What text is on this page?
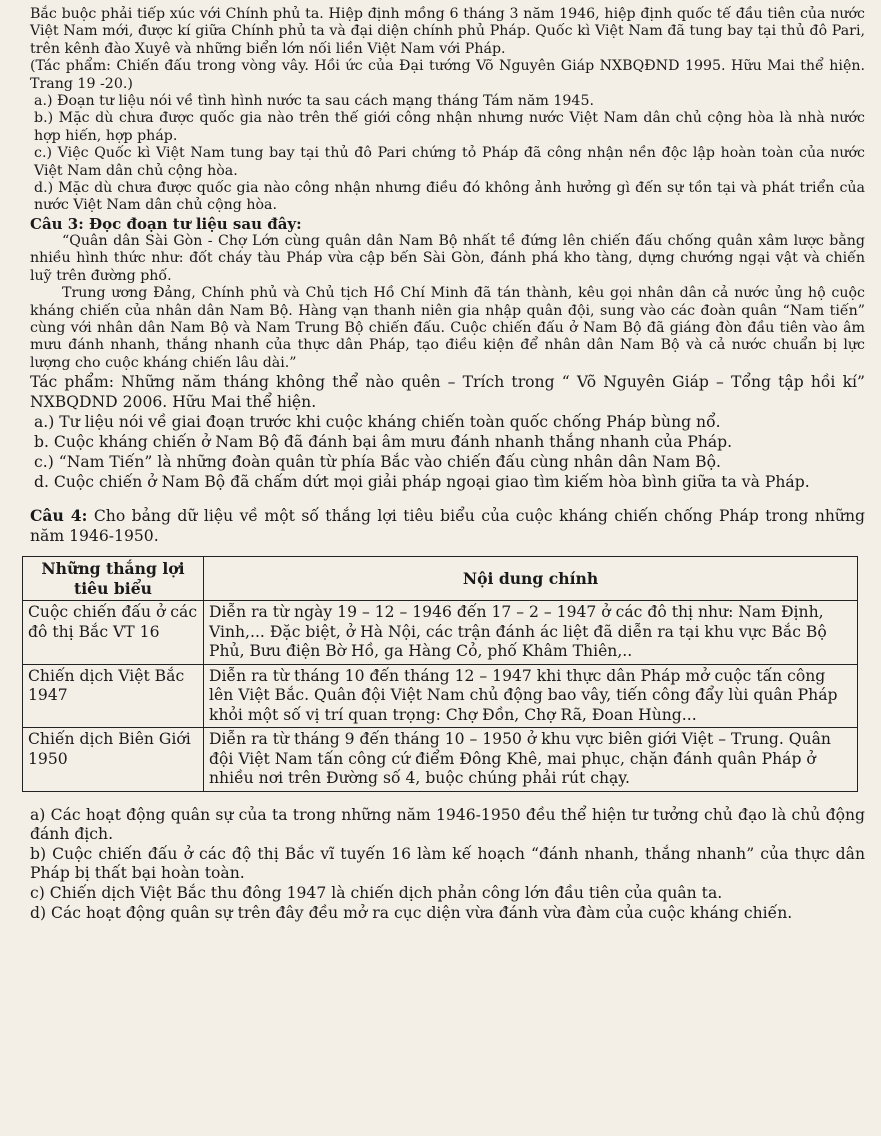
Bắc buộc phải tiếp xúc với Chính phủ ta. Hiệp định mồng 6 tháng 3 năm 1946, hiệp định quốc tế đầu tiên của nước Việt Nam mới, được kí giữa Chính phủ ta và đại diện chính phủ Pháp. Quốc kì Việt Nam đã tung bay tại thủ đô Pari, trên kênh đào Xuyê và những biển lớn nối liền Việt Nam với Pháp.

(Tác phẩm: Chiến đấu trong vòng vây. Hồi ức của Đại tướng Võ Nguyên Giáp NXBQĐND 1995. Hữu Mai thể hiện. Trang 19 -20.)

a.) Đoạn tư liệu nói về tình hình nước ta sau cách mạng tháng Tám năm 1945.

b.) Mặc dù chưa được quốc gia nào trên thế giới công nhận nhưng nước Việt Nam dân chủ cộng hòa là nhà nước hợp hiến, hợp pháp.

c.) Việc Quốc kì Việt Nam tung bay tại thủ đô Pari chứng tỏ Pháp đã công nhận nền độc lập hoàn toàn của nước Việt Nam dân chủ cộng hòa.

d.) Mặc dù chưa được quốc gia nào công nhận nhưng điều đó không ảnh hưởng gì đến sự tồn tại và phát triển của nước Việt Nam dân chủ cộng hòa.

Câu 3: Đọc đoạn tư liệu sau đây:

“Quân dân Sài Gòn - Chợ Lớn cùng quân dân Nam Bộ nhất tề đứng lên chiến đấu chống quân xâm lược bằng nhiều hình thức như: đốt cháy tàu Pháp vừa cập bến Sài Gòn, đánh phá kho tàng, dựng chướng ngại vật và chiến luỹ trên đường phố.

Trung ương Đảng, Chính phủ và Chủ tịch Hồ Chí Minh đã tán thành, kêu gọi nhân dân cả nước ủng hộ cuộc kháng chiến của nhân dân Nam Bộ. Hàng vạn thanh niên gia nhập quân đội, sung vào các đoàn quân “Nam tiến” cùng với nhân dân Nam Bộ và Nam Trung Bộ chiến đấu. Cuộc chiến đấu ở Nam Bộ đã giáng đòn đầu tiên vào âm mưu đánh nhanh, thắng nhanh của thực dân Pháp, tạo điều kiện để nhân dân Nam Bộ và cả nước chuẩn bị lực lượng cho cuộc kháng chiến lâu dài.”

Tác phẩm: Những năm tháng không thể nào quên – Trích trong “ Võ Nguyên Giáp – Tổng tập hồi kí” NXBQDND 2006. Hữu Mai thể hiện.

a.) Tư liệu nói về giai đoạn trước khi cuộc kháng chiến toàn quốc chống Pháp bùng nổ.

b. Cuộc kháng chiến ở Nam Bộ đã đánh bại âm mưu đánh nhanh thắng nhanh của Pháp.

c.) “Nam Tiến” là những đoàn quân từ phía Bắc vào chiến đấu cùng nhân dân Nam Bộ.

d. Cuộc chiến ở Nam Bộ đã chấm dứt mọi giải pháp ngoại giao tìm kiếm hòa bình giữa ta và Pháp.

Câu 4: Cho bảng dữ liệu về một số thắng lợi tiêu biểu của cuộc kháng chiến chống Pháp trong những năm 1946-1950.

Những thắng lợi tiêu biểu	Nội dung chính
Cuộc chiến đấu ở các đô thị Bắc VT 16	Diễn ra từ ngày 19 – 12 – 1946 đến 17 – 2 – 1947 ở các đô thị như: Nam Định, Vinh,... Đặc biệt, ở Hà Nội, các trận đánh ác liệt đã diễn ra tại khu vực Bắc Bộ Phủ, Bưu điện Bờ Hồ, ga Hàng Cỏ, phố Khâm Thiên,..
Chiến dịch Việt Bắc 1947	Diễn ra từ tháng 10 đến tháng 12 – 1947 khi thực dân Pháp mở cuộc tấn công lên Việt Bắc. Quân đội Việt Nam chủ động bao vây, tiến công đẩy lùi quân Pháp khỏi một số vị trí quan trọng: Chợ Đồn, Chợ Rã, Đoan Hùng...
Chiến dịch Biên Giới 1950	Diễn ra từ tháng 9 đến tháng 10 – 1950 ở khu vực biên giới Việt – Trung. Quân đội Việt Nam tấn công cứ điểm Đông Khê, mai phục, chặn đánh quân Pháp ở nhiều nơi trên Đường số 4, buộc chúng phải rút chạy.

a) Các hoạt động quân sự của ta trong những năm 1946-1950 đều thể hiện tư tưởng chủ đạo là chủ động đánh địch.

b) Cuộc chiến đấu ở các độ thị Bắc vĩ tuyến 16 làm kế hoạch “đánh nhanh, thắng nhanh” của thực dân Pháp bị thất bại hoàn toàn.

c) Chiến dịch Việt Bắc thu đông 1947 là chiến dịch phản công lớn đầu tiên của quân ta.

d) Các hoạt động quân sự trên đây đều mở ra cục diện vừa đánh vừa đàm của cuộc kháng chiến.
